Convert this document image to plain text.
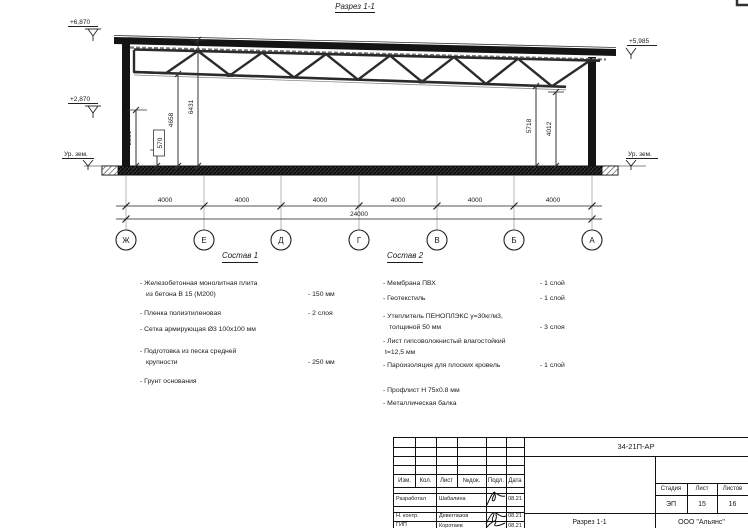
Разрез 1-1
+6,870
+2,870
Ур. зем.
+5,985
Ур. зем.
2300	570
4658
6431
5718 4012
4000	4000	4000	4000	4000	4000
24000
Ж	Е	Д	Г	В	Б	А
Состав 1
- Железобетонная монолитная плита
из бетона В 15 (М200)	- 150 мм
- Пленка полиэтиленовая	- 2 слоя
- Сетка армирующая Ø3 100х100 мм
- Подготовка из песка средней
крупности	- 250 мм
- Грунт основания
Состав 2
- Мембрана ПВХ	- 1 слой
- Геотекстиль	- 1 слой
- Утеплитель ПЕНОПЛЭКС γ=30кг/м3,
толщиной 50 мм	- 3 слоя
- Лист гипсоволокнистый влагостойкий
t=12,5 мм
- Пароизоляция для плоских кровель	- 1 слой
- Профлист Н 75х0.8 мм
- Металлическая балка
34-21П-АР
Изм.	Кол.	Лист	№док.	Подл. Дата
Разработал Шабалина	08.21
Н. контр.	Девеглазов	08.21
ГИП	Коротаев	08.21
Стадия	Лист	Листов
ЭП	15	16
Разрез 1-1	ООО "Альянс"
